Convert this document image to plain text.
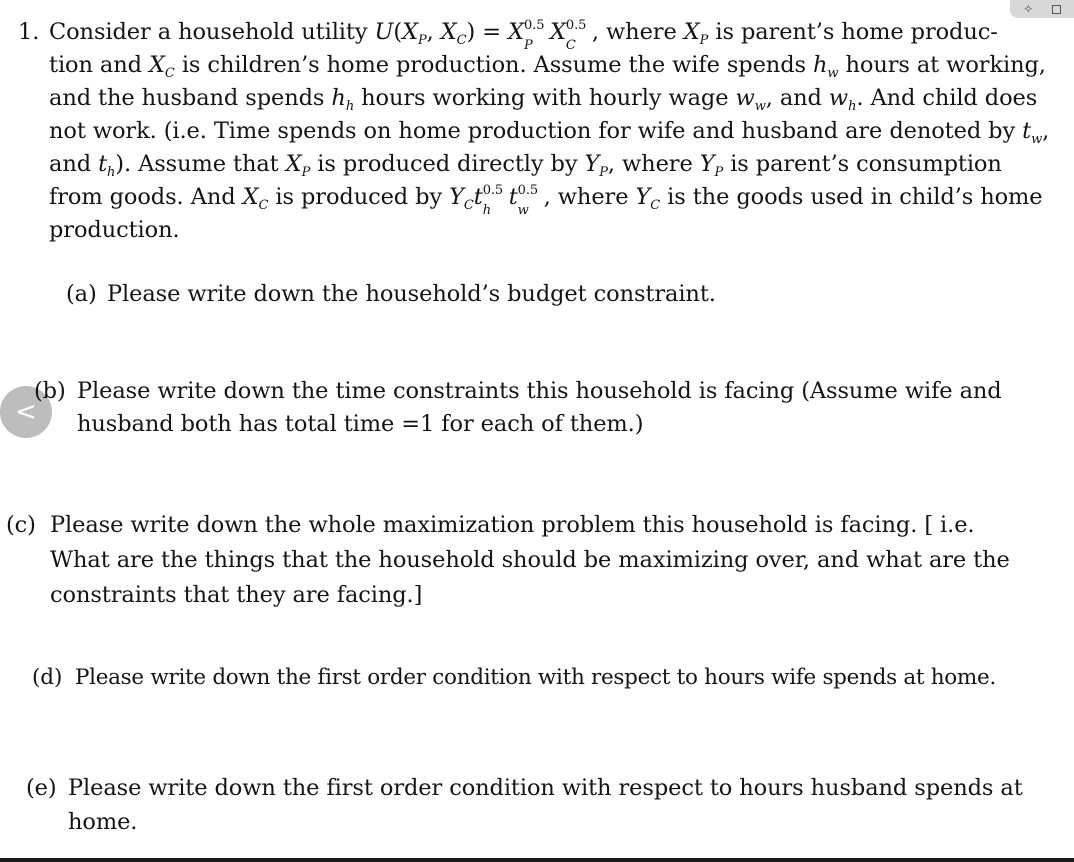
✧
<
1. Consider a household utility $U(X_P$, $X_C) = X$ 0.5
P
X 0.5
C
, where $X_P$ is parent’s home produc-
tion and $X_C$ is children’s home production. Assume the wife spends $h_w$ hours at working,
and the husband spends $h_h$ hours working with hourly wage $w_w$, and $w_h$. And child does
not work. (i.e. Time spends on home production for wife and husband are denoted by $t_w$,
and $t_h$). Assume that $X_P$ is produced directly by $Y_P$, where $Y_P$ is parent’s consumption
from goods. And $X_C$ is produced by $Y_Ct$ 0.5
h
t 0.5
w
, where $Y_C$ is the goods used in child’s home
production.
(a) Please write down the household’s budget constraint.
(b) Please write down the time constraints this household is facing (Assume wife and
husband both has total time =1 for each of them.)
(c) Please write down the whole maximization problem this household is facing. [ i.e.
What are the things that the household should be maximizing over, and what are the
constraints that they are facing.]
(d) Please write down the first order condition with respect to hours wife spends at home.
(e) Please write down the first order condition with respect to hours husband spends at
home.
